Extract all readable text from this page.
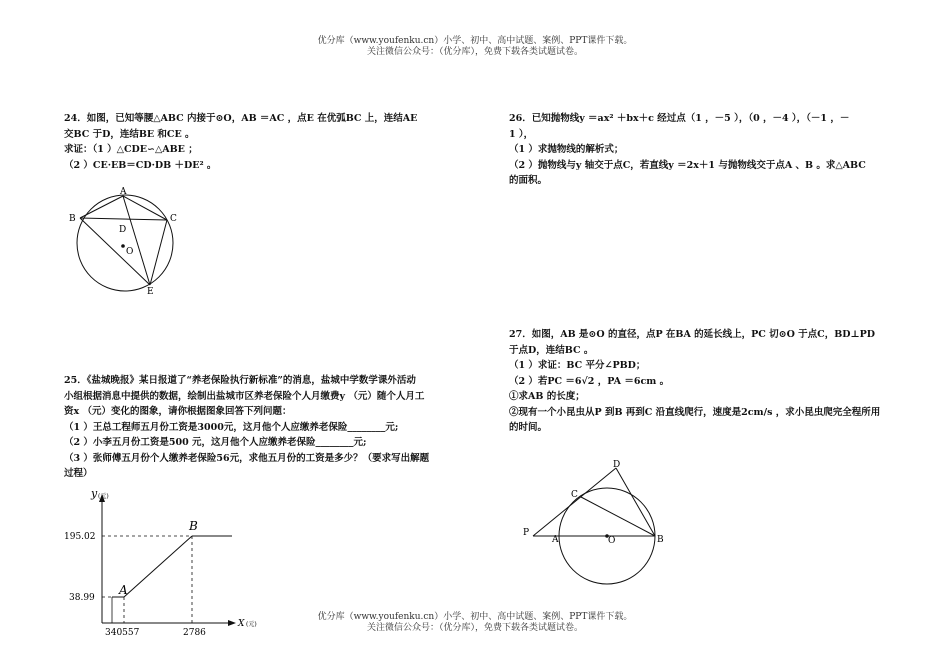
优分库（www.youfenku.cn）小学、初中、高中试题、案例、PPT课件下载。
关注微信公众号：（优分库），免费下载各类试题试卷。
24．如图，已知等腰△ABC 内接于⊙O，AB ＝AC ，点E 在优弧BC 上，连结AE
交BC 于D，连结BE 和CE 。
求证：（1 ）△CDE∽△ABE ；
（2 ）CE·EB＝CD·DB ＋DE² 。
A
B	C
D
O
E
25．《盐城晚报》某日报道了“养老保险执行新标准”的消息，盐城中学数学课外活动
小组根据消息中提供的数据，绘制出盐城市区养老保险个人月缴费y （元）随个人月工
资x （元）变化的图象，请你根据图象回答下列问题：
（1 ）王总工程师五月份工资是3000元，这月他个人应缴养老保险________元;
（2 ）小李五月份工资是500 元，这月他个人应缴养老保险________元;
（3 ）张师傅五月份个人缴养老保险56元，求他五月份的工资是多少？（要求写出解题
过程）
y (元)
X (元)
195.02
38.99
340557	2786
A
B
26．已知抛物线y ＝ax² ＋bx＋c 经过点（1 ，－5 ），（0 ，－4 ），（－1 ，－
1 ），
（1 ）求抛物线的解析式；
（2 ）抛物线与y 轴交于点C，若直线y ＝2x＋1 与抛物线交于点A 、B 。求△ABC
的面积。
27．如图，AB 是⊙O 的直径，点P 在BA 的延长线上，PC 切⊙O 于点C，BD⊥PD
于点D，连结BC 。
（1 ）求证：BC 平分∠PBD；
（2 ）若PC ＝6√2 ，PA ＝6cm 。
①求AB 的长度；
②现有一个小昆虫从P 到B 再到C 沿直线爬行，速度是2cm/s ，求小昆虫爬完全程所用
的时间。
P
A	O	B
C
D
优分库（www.youfenku.cn）小学、初中、高中试题、案例、PPT课件下载。
关注微信公众号：（优分库），免费下载各类试题试卷。
